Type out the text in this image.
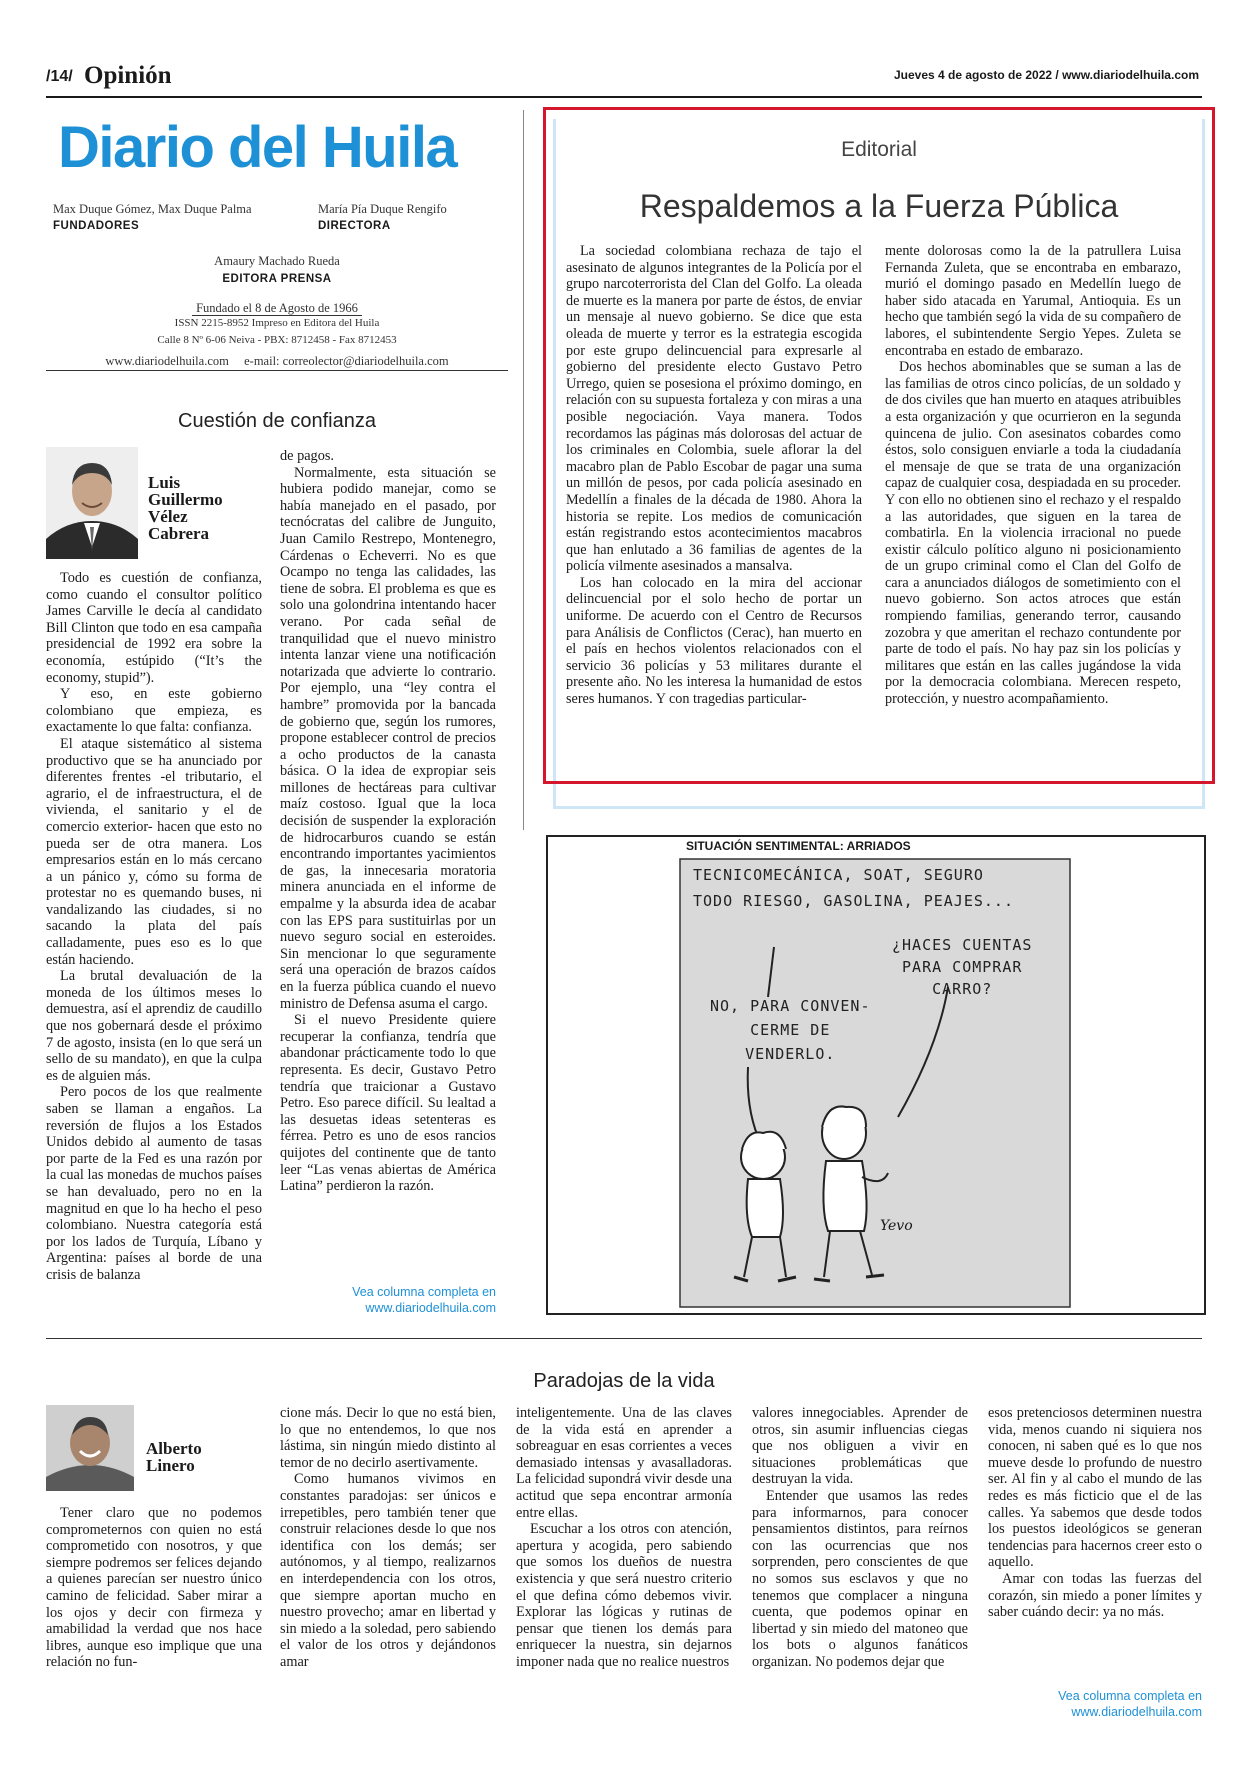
/14/ Opinión	Jueves 4 de agosto de 2022 / www.diariodelhuila.com
Diario del Huila
Max Duque Gómez, Max Duque Palma
FUNDADORES
María Pía Duque Rengifo
DIRECTORA
Amaury Machado Rueda
EDITORA PRENSA
Fundado el 8 de Agosto de 1966
ISSN 2215-8952 Impreso en Editora del Huila
Calle 8 Nº 6-06 Neiva - PBX: 8712458 - Fax 8712453
www.diariodelhuila.com e-mail: correolector@diariodelhuila.com
Editorial
Respaldemos a la Fuerza Pública

La sociedad colombiana rechaza de tajo el asesinato de algunos integrantes de la Policía por el grupo narcoterrorista del Clan del Golfo. La oleada de muerte es la manera por parte de éstos, de enviar un mensaje al nuevo gobierno. Se dice que esta oleada de muerte y terror es la estrategia escogida por este grupo delincuencial para expresarle al gobierno del presidente electo Gustavo Petro Urrego, quien se posesiona el próximo domingo, en relación con su supuesta fortaleza y con miras a una posible negociación. Vaya manera. Todos recordamos las páginas más dolorosas del actuar de los criminales en Colombia, suele aflorar la del macabro plan de Pablo Escobar de pagar una suma un millón de pesos, por cada policía asesinado en Medellín a finales de la década de 1980. Ahora la historia se repite. Los medios de comunicación están registrando estos acontecimientos macabros que han enlutado a 36 familias de agentes de la policía vilmente asesinados a mansalva.

Los han colocado en la mira del accionar delincuencial por el solo hecho de portar un uniforme. De acuerdo con el Centro de Recursos para Análisis de Conflictos (Cerac), han muerto en el país en hechos violentos relacionados con el servicio 36 policías y 53 militares durante el presente año. No les interesa la humanidad de estos seres humanos. Y con tragedias particular-

mente dolorosas como la de la patrullera Luisa Fernanda Zuleta, que se encontraba en embarazo, murió el domingo pasado en Medellín luego de haber sido atacada en Yarumal, Antioquia. Es un hecho que también segó la vida de su compañero de labores, el subintendente Sergio Yepes. Zuleta se encontraba en estado de embarazo.

Dos hechos abominables que se suman a las de las familias de otros cinco policías, de un soldado y de dos civiles que han muerto en ataques atribuibles a esta organización y que ocurrieron en la segunda quincena de julio. Con asesinatos cobardes como éstos, solo consiguen enviarle a toda la ciudadanía el mensaje de que se trata de una organización capaz de cualquier cosa, despiadada en su proceder. Y con ello no obtienen sino el rechazo y el respaldo a las autoridades, que siguen en la tarea de combatirla. En la violencia irracional no puede existir cálculo político alguno ni posicionamiento de un grupo criminal como el Clan del Golfo de cara a anunciados diálogos de sometimiento con el nuevo gobierno. Son actos atroces que están rompiendo familias, generando terror, causando zozobra y que ameritan el rechazo contundente por parte de todo el país. No hay paz sin los policías y militares que están en las calles jugándose la vida por la democracia colombiana. Merecen respeto, protección, y nuestro acompañamiento.

Cuestión de confianza
Luis
Guillermo
Vélez
Cabrera

Todo es cuestión de confianza, como cuando el consultor político James Carville le decía al candidato Bill Clinton que todo en esa campaña presidencial de 1992 era sobre la economía, estúpido (“It’s the economy, stupid”).

Y eso, en este gobierno colombiano que empieza, es exactamente lo que falta: confianza.

El ataque sistemático al sistema productivo que se ha anunciado por diferentes frentes -el tributario, el agrario, el de infraestructura, el de vivienda, el sanitario y el de comercio exterior- hacen que esto no pueda ser de otra manera. Los empresarios están en lo más cercano a un pánico y, cómo su forma de protestar no es quemando buses, ni vandalizando las ciudades, si no sacando la plata del país calladamente, pues eso es lo que están haciendo.

La brutal devaluación de la moneda de los últimos meses lo demuestra, así el aprendiz de caudillo que nos gobernará desde el próximo 7 de agosto, insista (en lo que será un sello de su mandato), en que la culpa es de alguien más.

Pero pocos de los que realmente saben se llaman a engaños. La reversión de flujos a los Estados Unidos debido al aumento de tasas por parte de la Fed es una razón por la cual las monedas de muchos países se han devaluado, pero no en la magnitud en que lo ha hecho el peso colombiano. Nuestra categoría está por los lados de Turquía, Líbano y Argentina: países al borde de una crisis de balanza

de pagos.

Normalmente, esta situación se hubiera podido manejar, como se había manejado en el pasado, por tecnócratas del calibre de Junguito, Juan Camilo Restrepo, Montenegro, Cárdenas o Echeverri. No es que Ocampo no tenga las calidades, las tiene de sobra. El problema es que es solo una golondrina intentando hacer verano. Por cada señal de tranquilidad que el nuevo ministro intenta lanzar viene una notificación notarizada que advierte lo contrario. Por ejemplo, una “ley contra el hambre” promovida por la bancada de gobierno que, según los rumores, propone establecer control de precios a ocho productos de la canasta básica. O la idea de expropiar seis millones de hectáreas para cultivar maíz costoso. Igual que la loca decisión de suspender la exploración de hidrocarburos cuando se están encontrando importantes yacimientos de gas, la innecesaria moratoria minera anunciada en el informe de empalme y la absurda idea de acabar con las EPS para sustituirlas por un nuevo seguro social en esteroides. Sin mencionar lo que seguramente será una operación de brazos caídos en la fuerza pública cuando el nuevo ministro de Defensa asuma el cargo.

Si el nuevo Presidente quiere recuperar la confianza, tendría que abandonar prácticamente todo lo que representa. Es decir, Gustavo Petro tendría que traicionar a Gustavo Petro. Eso parece difícil. Su lealtad a las desuetas ideas setenteras es férrea. Petro es uno de esos rancios quijotes del continente que de tanto leer “Las venas abiertas de América Latina” perdieron la razón.

Vea columna completa en
www.diariodelhuila.com
SITUACIÓN SENTIMENTAL: ARRIADOS
TECNICOMECÁNICA, SOAT, SEGURO
TODO RIESGO, GASOLINA, PEAJES...
¿HACES CUENTAS
PARA COMPRAR
CARRO?
NO, PARA CONVEN-
CERME DE
VENDERLO.
Yevo
Paradojas de la vida
Alberto
Linero

Tener claro que no podemos comprometernos con quien no está comprometido con nosotros, y que siempre podremos ser felices dejando a quienes parecían ser nuestro único camino de felicidad. Saber mirar a los ojos y decir con firmeza y amabilidad la verdad que nos hace libres, aunque eso implique que una relación no fun-

cione más. Decir lo que no está bien, lo que no entendemos, lo que nos lástima, sin ningún miedo distinto al temor de no decirlo asertivamente.

Como humanos vivimos en constantes paradojas: ser únicos e irrepetibles, pero también tener que construir relaciones desde lo que nos identifica con los demás; ser autónomos, y al tiempo, realizarnos en interdependencia con los otros, que siempre aportan mucho en nuestro provecho; amar en libertad y sin miedo a la soledad, pero sabiendo el valor de los otros y dejándonos amar

inteligentemente. Una de las claves de la vida está en aprender a sobreaguar en esas corrientes a veces demasiado intensas y avasalladoras. La felicidad supondrá vivir desde una actitud que sepa encontrar armonía entre ellas.

Escuchar a los otros con atención, apertura y acogida, pero sabiendo que somos los dueños de nuestra existencia y que será nuestro criterio el que defina cómo debemos vivir. Explorar las lógicas y rutinas de pensar que tienen los demás para enriquecer la nuestra, sin dejarnos imponer nada que no realice nuestros

valores innegociables. Aprender de otros, sin asumir influencias ciegas que nos obliguen a vivir en situaciones problemáticas que destruyan la vida.

Entender que usamos las redes para informarnos, para conocer pensamientos distintos, para reírnos con las ocurrencias que nos sorprenden, pero conscientes de que no somos sus esclavos y que no tenemos que complacer a ninguna cuenta, que podemos opinar en libertad y sin miedo del matoneo que los bots o algunos fanáticos organizan. No podemos dejar que

esos pretenciosos determinen nuestra vida, menos cuando ni siquiera nos conocen, ni saben qué es lo que nos mueve desde lo profundo de nuestro ser. Al fin y al cabo el mundo de las redes es más ficticio que el de las calles. Ya sabemos que desde todos los puestos ideológicos se generan tendencias para hacernos creer esto o aquello.

Amar con todas las fuerzas del corazón, sin miedo a poner límites y saber cuándo decir: ya no más.

Vea columna completa en
www.diariodelhuila.com
